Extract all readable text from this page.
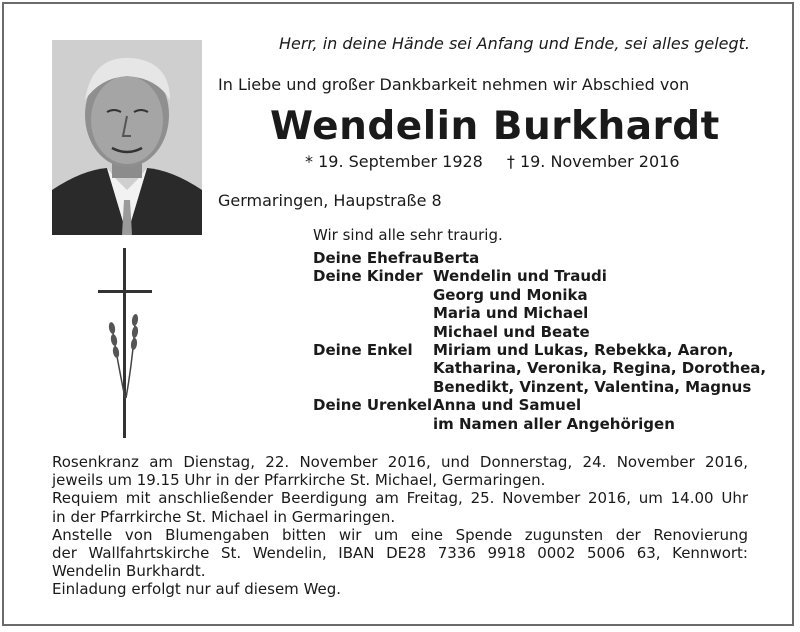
Herr, in deine Hände sei Anfang und Ende, sei alles gelegt.
In Liebe und großer Dankbarkeit nehmen wir Abschied von
Wendelin Burkhardt
* 19. September 1928 † 19. November 2016
Germaringen, Haupstraße 8
Wir sind alle sehr traurig.
Deine Ehefrau Berta
Deine Kinder Wendelin und Traudi
Georg und Monika
Maria und Michael
Michael und Beate
Deine Enkel	Miriam und Lukas, Rebekka, Aaron,
Katharina, Veronika, Regina, Dorothea,
Benedikt, Vinzent, Valentina, Magnus
Deine Urenkel Anna und Samuel
im Namen aller Angehörigen

Rosenkranz am Dienstag, 22. November 2016, und Donnerstag, 24. November 2016,

jeweils um 19.15 Uhr in der Pfarrkirche St. Michael, Germaringen.

Requiem mit anschließender Beerdigung am Freitag, 25. November 2016, um 14.00 Uhr

in der Pfarrkirche St. Michael in Germaringen.

Anstelle von Blumengaben bitten wir um eine Spende zugunsten der Renovierung

der Wallfahrtskirche St. Wendelin, IBAN DE28 7336 9918 0002 5006 63, Kennwort:

Wendelin Burkhardt.

Einladung erfolgt nur auf diesem Weg.
